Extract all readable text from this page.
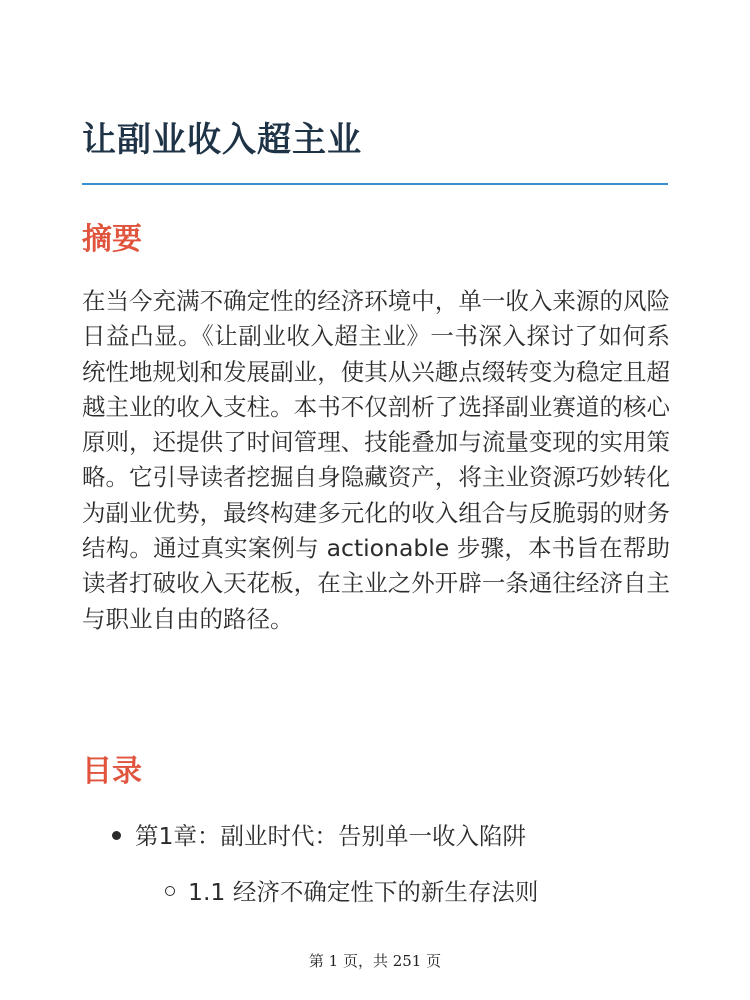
让副业收入超主业
摘要

在当今充满不确定性的经济环境中，单一收入来源的风险日益凸显。《让副业收入超主业》一书深入探讨了如何系统性地规划和发展副业，使其从兴趣点缀转变为稳定且超越主业的收入支柱。本书不仅剖析了选择副业赛道的核心原则，还提供了时间管理、技能叠加与流量变现的实用策略。它引导读者挖掘自身隐藏资产，将主业资源巧妙转化为副业优势，最终构建多元化的收入组合与反脆弱的财务结构。通过真实案例与 actionable 步骤，本书旨在帮助读者打破收入天花板，在主业之外开辟一条通往经济自主与职业自由的路径。

目录
第1章：副业时代：告别单一收入陷阱
1.1 经济不确定性下的新生存法则
第 1 页，共 251 页
